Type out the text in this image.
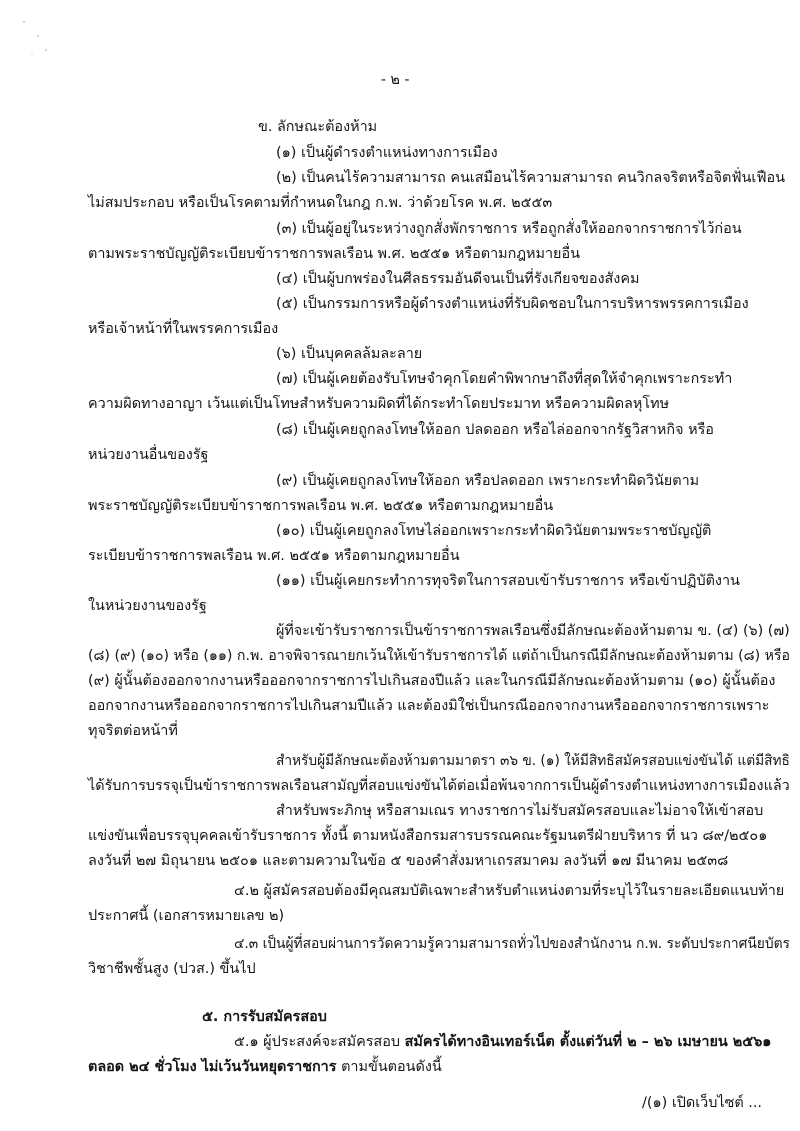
- ๒ -
ข. ลักษณะต้องห้าม
(๑) เป็นผู้ดำรงตำแหน่งทางการเมือง
(๒) เป็นคนไร้ความสามารถ คนเสมือนไร้ความสามารถ คนวิกลจริตหรือจิตฟั่นเฟือน
ไม่สมประกอบ หรือเป็นโรคตามที่กำหนดในกฎ ก.พ. ว่าด้วยโรค พ.ศ. ๒๕๕๓
(๓) เป็นผู้อยู่ในระหว่างถูกสั่งพักราชการ หรือถูกสั่งให้ออกจากราชการไว้ก่อน
ตามพระราชบัญญัติระเบียบข้าราชการพลเรือน พ.ศ. ๒๕๕๑ หรือตามกฎหมายอื่น
(๔) เป็นผู้บกพร่องในศีลธรรมอันดีจนเป็นที่รังเกียจของสังคม
(๕) เป็นกรรมการหรือผู้ดำรงตำแหน่งที่รับผิดชอบในการบริหารพรรคการเมือง
หรือเจ้าหน้าที่ในพรรคการเมือง
(๖) เป็นบุคคลล้มละลาย
(๗) เป็นผู้เคยต้องรับโทษจำคุกโดยคำพิพากษาถึงที่สุดให้จำคุกเพราะกระทำ
ความผิดทางอาญา เว้นแต่เป็นโทษสำหรับความผิดที่ได้กระทำโดยประมาท หรือความผิดลหุโทษ
(๘) เป็นผู้เคยถูกลงโทษให้ออก ปลดออก หรือไล่ออกจากรัฐวิสาหกิจ หรือ
หน่วยงานอื่นของรัฐ
(๙) เป็นผู้เคยถูกลงโทษให้ออก หรือปลดออก เพราะกระทำผิดวินัยตาม
พระราชบัญญัติระเบียบข้าราชการพลเรือน พ.ศ. ๒๕๕๑ หรือตามกฎหมายอื่น
(๑๐) เป็นผู้เคยถูกลงโทษไล่ออกเพราะกระทำผิดวินัยตามพระราชบัญญัติ
ระเบียบข้าราชการพลเรือน พ.ศ. ๒๕๕๑ หรือตามกฎหมายอื่น
(๑๑) เป็นผู้เคยกระทำการทุจริตในการสอบเข้ารับราชการ หรือเข้าปฏิบัติงาน
ในหน่วยงานของรัฐ
ผู้ที่จะเข้ารับราชการเป็นข้าราชการพลเรือนซึ่งมีลักษณะต้องห้ามตาม ข. (๔) (๖) (๗)
(๘) (๙) (๑๐) หรือ (๑๑) ก.พ. อาจพิจารณายกเว้นให้เข้ารับราชการได้ แต่ถ้าเป็นกรณีมีลักษณะต้องห้ามตาม (๘) หรือ
(๙) ผู้นั้นต้องออกจากงานหรือออกจากราชการไปเกินสองปีแล้ว และในกรณีมีลักษณะต้องห้ามตาม (๑๐) ผู้นั้นต้อง
ออกจากงานหรือออกจากราชการไปเกินสามปีแล้ว และต้องมิใช่เป็นกรณีออกจากงานหรือออกจากราชการเพราะ
ทุจริตต่อหน้าที่
สำหรับผู้มีลักษณะต้องห้ามตามมาตรา ๓๖ ข. (๑) ให้มีสิทธิสมัครสอบแข่งขันได้ แต่มีสิทธิ
ได้รับการบรรจุเป็นข้าราชการพลเรือนสามัญที่สอบแข่งขันได้ต่อเมื่อพ้นจากการเป็นผู้ดำรงตำแหน่งทางการเมืองแล้ว
สำหรับพระภิกษุ หรือสามเณร ทางราชการไม่รับสมัครสอบและไม่อาจให้เข้าสอบ
แข่งขันเพื่อบรรจุบุคคลเข้ารับราชการ ทั้งนี้ ตามหนังสือกรมสารบรรณคณะรัฐมนตรีฝ่ายบริหาร ที่ นว ๘๙/๒๕๐๑
ลงวันที่ ๒๗ มิถุนายน ๒๕๐๑ และตามความในข้อ ๕ ของคำสั่งมหาเถรสมาคม ลงวันที่ ๑๗ มีนาคม ๒๕๓๘
๔.๒ ผู้สมัครสอบต้องมีคุณสมบัติเฉพาะสำหรับตำแหน่งตามที่ระบุไว้ในรายละเอียดแนบท้าย
ประกาศนี้ (เอกสารหมายเลข ๒)
๔.๓ เป็นผู้ที่สอบผ่านการวัดความรู้ความสามารถทั่วไปของสำนักงาน ก.พ. ระดับประกาศนียบัตร
วิชาชีพชั้นสูง (ปวส.) ขึ้นไป
๕. การรับสมัครสอบ
๕.๑ ผู้ประสงค์จะสมัครสอบ สมัครได้ทางอินเทอร์เน็ต ตั้งแต่วันที่ ๒ – ๒๖ เมษายน ๒๕๖๑
ตลอด ๒๔ ชั่วโมง ไม่เว้นวันหยุดราชการ ตามขั้นตอนดังนี้
/(๑) เปิดเว็บไซต์ ...
